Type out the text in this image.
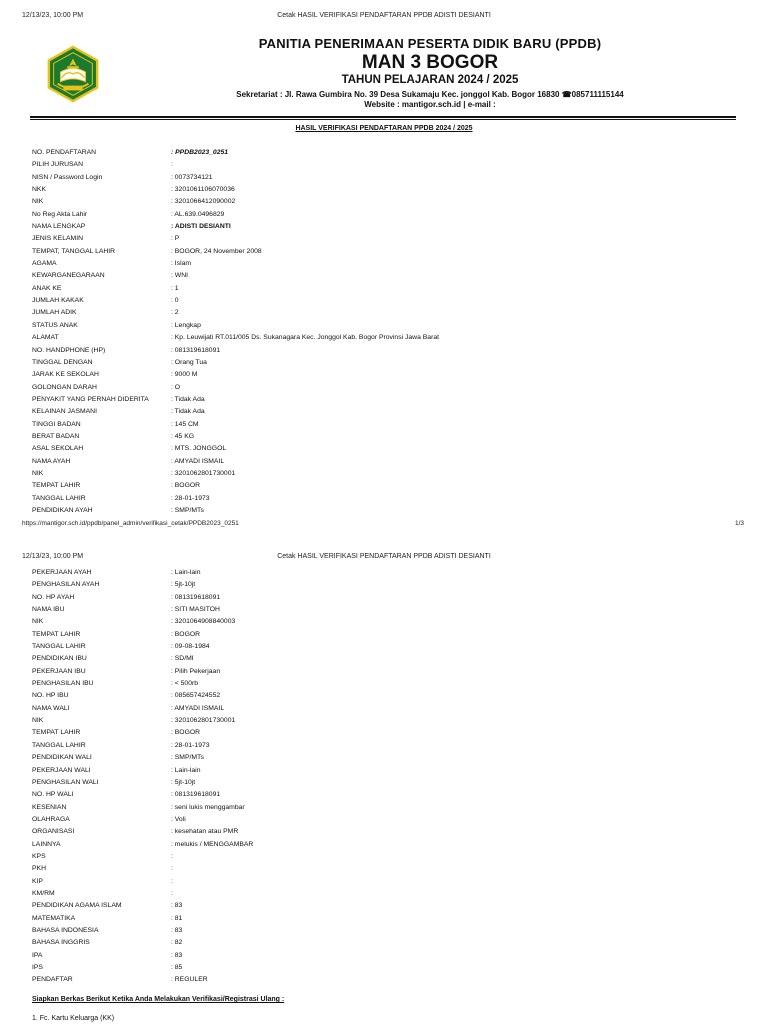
12/13/23, 10:00 PM	Cetak HASIL VERIFIKASI PENDAFTARAN PPDB ADISTI DESIANTI
PANITIA PENERIMAAN PESERTA DIDIK BARU (PPDB)
MAN 3 BOGOR
TAHUN PELAJARAN 2024 / 2025
Sekretariat : Jl. Rawa Gumbira No. 39 Desa Sukamaju Kec. jonggol Kab. Bogor 16830 ☎085711115144
Website : mantigor.sch.id | e-mail :
HASIL VERIFIKASI PENDAFTARAN PPDB 2024 / 2025
NO. PENDAFTARAN	: PPDB2023_0251
PILIH JURUSAN	:
NISN / Password Login	: 0073734121
NKK	: 3201061106070036
NIK	: 3201066412090002
No Reg Akta Lahir	: AL.639.0496829
NAMA LENGKAP	: ADISTI DESIANTI
JENIS KELAMIN	: P
TEMPAT, TANGGAL LAHIR	: BOGOR, 24 November 2008
AGAMA	: Islam
KEWARGANEGARAAN	: WNI
ANAK KE	: 1
JUMLAH KAKAK	: 0
JUMLAH ADIK	: 2
STATUS ANAK	: Lengkap
ALAMAT	: Kp. Leuwijati RT.011/005 Ds. Sukanagara Kec. Jonggol Kab. Bogor Provinsi Jawa Barat
NO. HANDPHONE (HP)	: 081319618091
TINGGAL DENGAN	: Orang Tua
JARAK KE SEKOLAH	: 9000 M
GOLONGAN DARAH	: O
PENYAKIT YANG PERNAH DIDERITA	: Tidak Ada
KELAINAN JASMANI	: Tidak Ada
TINGGI BADAN	: 145 CM
BERAT BADAN	: 45 KG
ASAL SEKOLAH	: MTS. JONGGOL
NAMA AYAH	: AMYADI ISMAIL
NIK	: 3201062801730001
TEMPAT LAHIR	: BOGOR
TANGGAL LAHIR	: 28-01-1973
PENDIDIKAN AYAH	: SMP/MTs
https://mantigor.sch.id/ppdb/panel_admin/verifikasi_cetak/PPDB2023_0251	1/3
12/13/23, 10:00 PM	Cetak HASIL VERIFIKASI PENDAFTARAN PPDB ADISTI DESIANTI
PEKERJAAN AYAH	: Lain-lain
PENGHASILAN AYAH	: 5jt-10jt
NO. HP AYAH	: 081319618091
NAMA IBU	: SITI MASITOH
NIK	: 3201064908840003
TEMPAT LAHIR	: BOGOR
TANGGAL LAHIR	: 09-08-1984
PENDIDIKAN IBU	: SD/MI
PEKERJAAN IBU	: Pilih Pekerjaan
PENGHASILAN IBU	: < 500rb
NO. HP IBU	: 085657424552
NAMA WALI	: AMYADI ISMAIL
NIK	: 3201062801730001
TEMPAT LAHIR	: BOGOR
TANGGAL LAHIR	: 28-01-1973
PENDIDIKAN WALI	: SMP/MTs
PEKERJAAN WALI	: Lain-lain
PENGHASILAN WALI	: 5jt-10jt
NO. HP WALI	: 081319618091
KESENIAN	: seni lukis menggambar
OLAHRAGA	: Voli
ORGANISASI	: kesehatan atau PMR
LAINNYA	: melukis / MENGGAMBAR
KPS	:
PKH	:
KIP	:
KM/RM	:
PENDIDIKAN AGAMA ISLAM	: 83
MATEMATIKA	: 81
BAHASA INDONESIA	: 83
BAHASA INGGRIS	: 82
IPA	: 83
IPS	: 85
PENDAFTAR	: REGULER
Siapkan Berkas Berikut Ketika Anda Melakukan Verifikasi/Registrasi Ulang :
1. Fc. Kartu Keluarga (KK)
